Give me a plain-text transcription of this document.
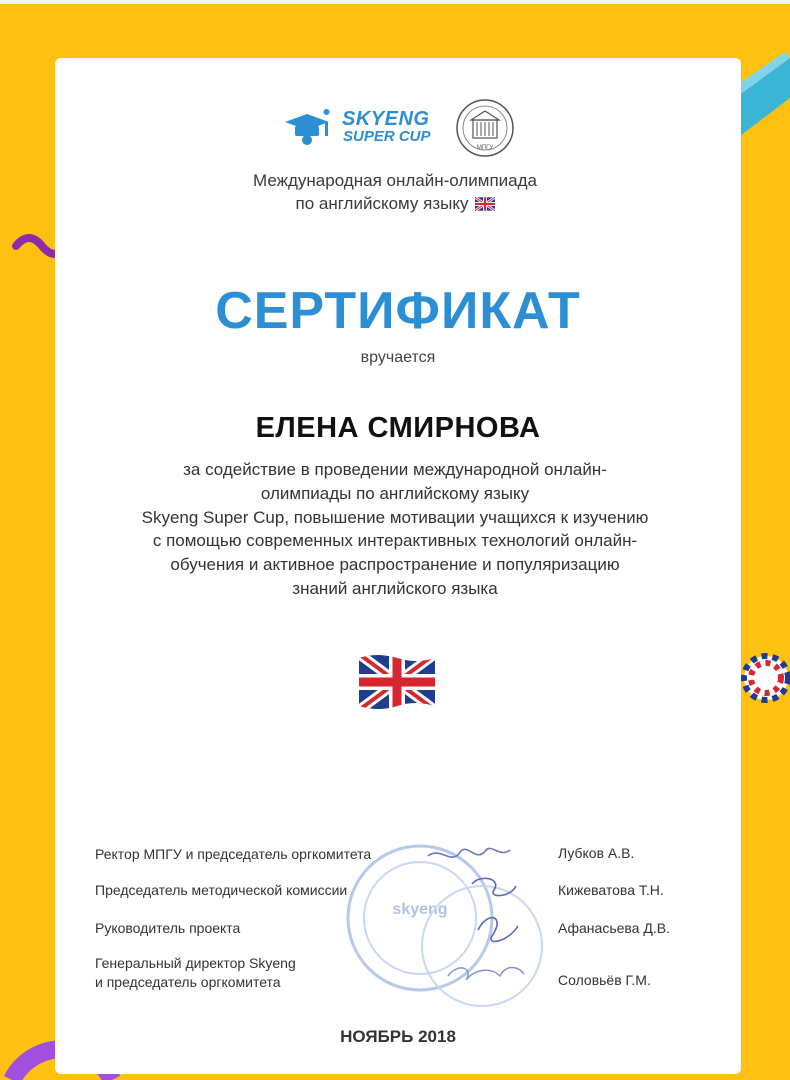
SKYENG
SUPER CUP
МПГУ
Международная онлайн-олимпиада
по английскому языку
СЕРТИФИКАТ
вручается
ЕЛЕНА СМИРНОВА
за содействие в проведении международной онлайн-
олимпиады по английскому языку
Skyeng Super Cup, повышение мотивации учащихся к изучению
с помощью современных интерактивных технологий онлайн-
обучения и активное распространение и популяризацию
знаний английского языка
skyeng
Ректор МПГУ и председатель оргкомитета	Лубков А.В.
Председатель методической комиссии	Кижеватова Т.Н.
Руководитель проекта	Афанасьева Д.В.
Генеральный директор Skyeng
и председатель оргкомитета	Соловьёв Г.М.
НОЯБРЬ 2018
